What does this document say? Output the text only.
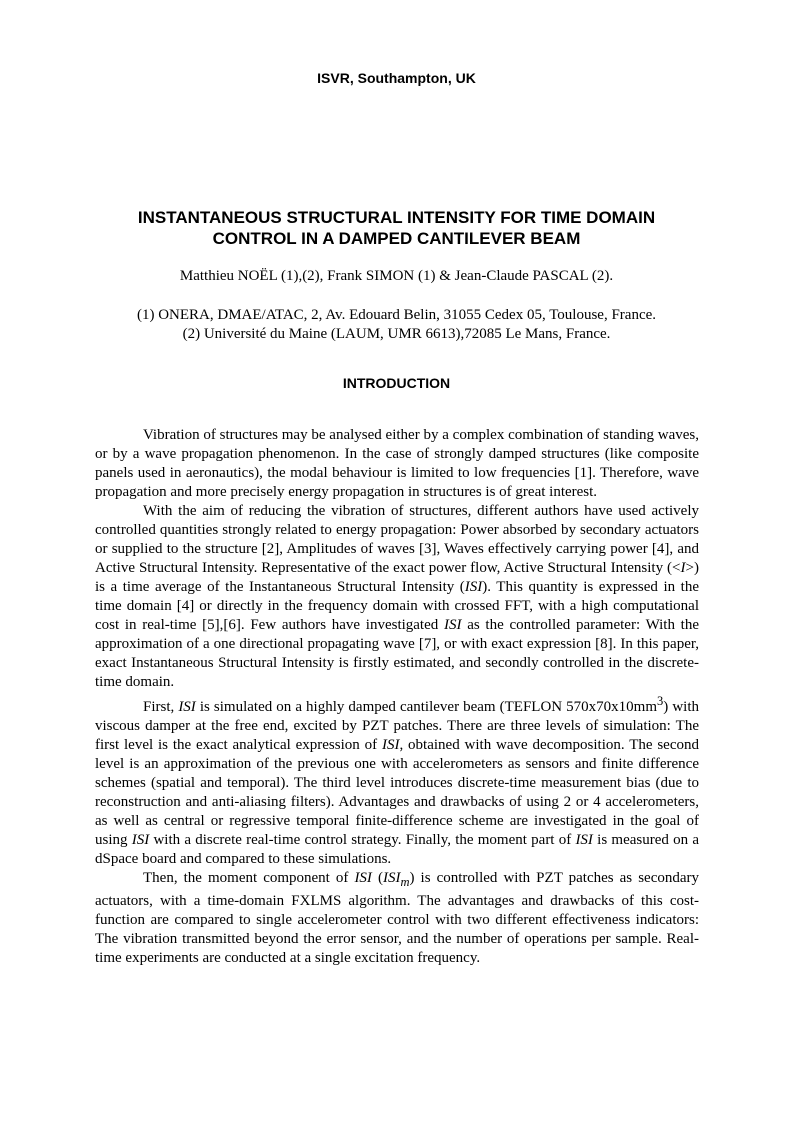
ISVR, Southampton, UK
INSTANTANEOUS STRUCTURAL INTENSITY FOR TIME DOMAIN
CONTROL IN A DAMPED CANTILEVER BEAM
Matthieu NOËL (1),(2), Frank SIMON (1) & Jean-Claude PASCAL (2).
(1) ONERA, DMAE/ATAC, 2, Av. Edouard Belin, 31055 Cedex 05, Toulouse, France.
(2) Université du Maine (LAUM, UMR 6613),72085 Le Mans, France.
INTRODUCTION

Vibration of structures may be analysed either by a complex combination of standing waves, or by a wave propagation phenomenon. In the case of strongly damped structures (like composite panels used in aeronautics), the modal behaviour is limited to low frequencies [1]. Therefore, wave propagation and more precisely energy propagation in structures is of great interest.

With the aim of reducing the vibration of structures, different authors have used actively controlled quantities strongly related to energy propagation: Power absorbed by secondary actuators or supplied to the structure [2], Amplitudes of waves [3], Waves effectively carrying power [4], and Active Structural Intensity. Representative of the exact power flow, Active Structural Intensity (<I>) is a time average of the Instantaneous Structural Intensity (ISI). This quantity is expressed in the time domain [4] or directly in the frequency domain with crossed FFT, with a high computational cost in real-time [5],[6]. Few authors have investigated ISI as the controlled parameter: With the approximation of a one directional propagating wave [7], or with exact expression [8]. In this paper, exact Instantaneous Structural Intensity is firstly estimated, and secondly controlled in the discrete-time domain.

First, ISI is simulated on a highly damped cantilever beam (TEFLON $570x70x10mm^3$) with viscous damper at the free end, excited by PZT patches. There are three levels of simulation: The first level is the exact analytical expression of ISI, obtained with wave decomposition. The second level is an approximation of the previous one with accelerometers as sensors and finite difference schemes (spatial and temporal). The third level introduces discrete-time measurement bias (due to reconstruction and anti-aliasing filters). Advantages and drawbacks of using 2 or 4 accelerometers, as well as central or regressive temporal finite-difference scheme are investigated in the goal of using ISI with a discrete real-time control strategy. Finally, the moment part of ISI is measured on a dSpace board and compared to these simulations.

Then, the moment component of ISI $(ISI_m)$ is controlled with PZT patches as secondary actuators, with a time-domain FXLMS algorithm. The advantages and drawbacks of this cost-function are compared to single accelerometer control with two different effectiveness indicators: The vibration transmitted beyond the error sensor, and the number of operations per sample. Real-time experiments are conducted at a single excitation frequency.
